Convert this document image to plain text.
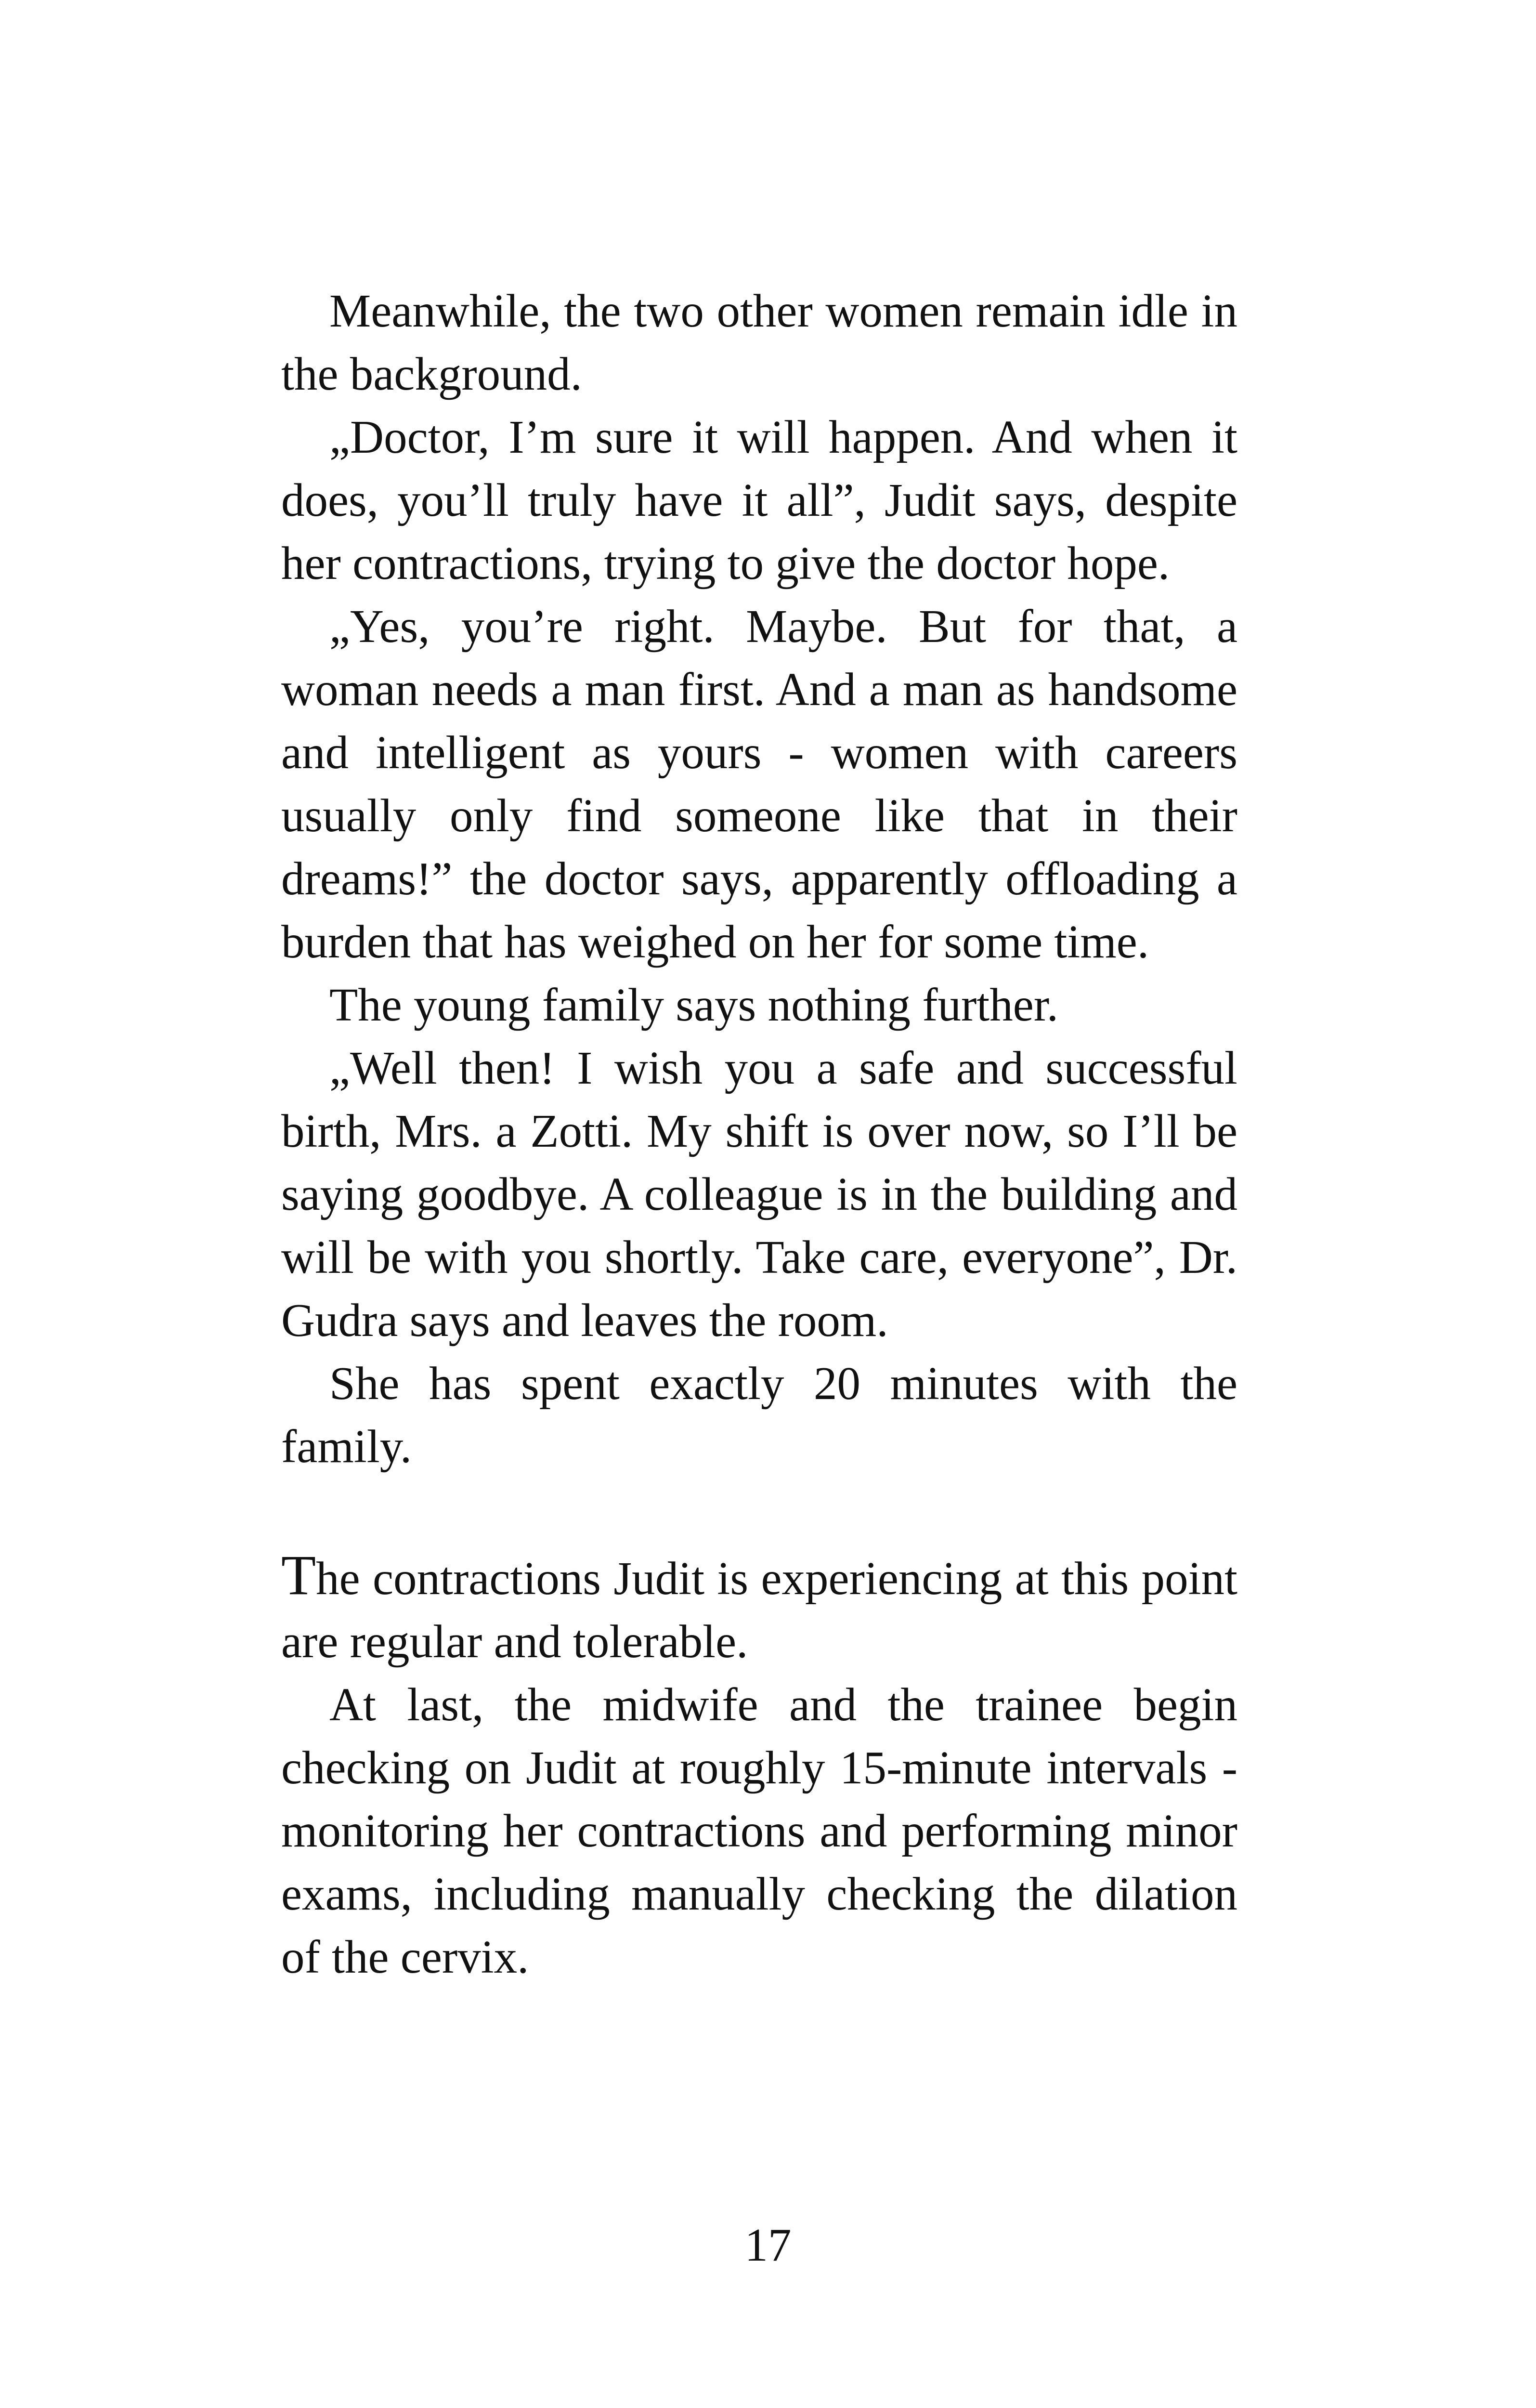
Meanwhile, the two other women remain idle in the background.

„Doctor, I’m sure it will happen. And when it does, you’ll truly have it all”, Judit says, despite her contractions, trying to give the doctor hope.

„Yes, you’re right. Maybe. But for that, a woman needs a man first. And a man as handsome and intelligent as yours - women with careers usually only find someone like that in their dreams!” the doctor says, apparently offloading a burden that has weighed on her for some time.

The young family says nothing further.

„Well then! I wish you a safe and successful birth, Mrs. a Zotti. My shift is over now, so I’ll be saying goodbye. A colleague is in the building and will be with you shortly. Take care, everyone”, Dr. Gudra says and leaves the room.

She has spent exactly 20 minutes with the family.

The contractions Judit is experiencing at this point are regular and tolerable.

At last, the midwife and the trainee begin checking on Judit at roughly 15-minute intervals - monitoring her contractions and performing minor exams, including manually checking the dilation of the cervix.

17
